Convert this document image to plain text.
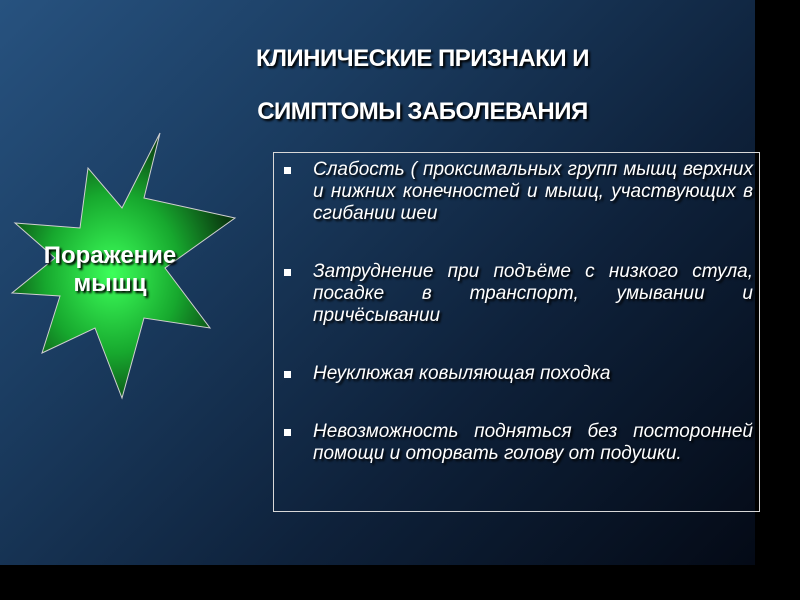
КЛИНИЧЕСКИЕ ПРИЗНАКИ И
СИМПТОМЫ ЗАБОЛЕВАНИЯ
Поражение
мышц
Слабость ( проксимальных групп мышц верхних и нижних конечностей и мышц, участвующих в сгибании шеи
Затруднение при подъёме с низкого стула, посадке в транспорт, умывании и причёсывании
Неуклюжая ковыляющая походка
Невозможность подняться без посторонней помощи и оторвать голову от подушки.
